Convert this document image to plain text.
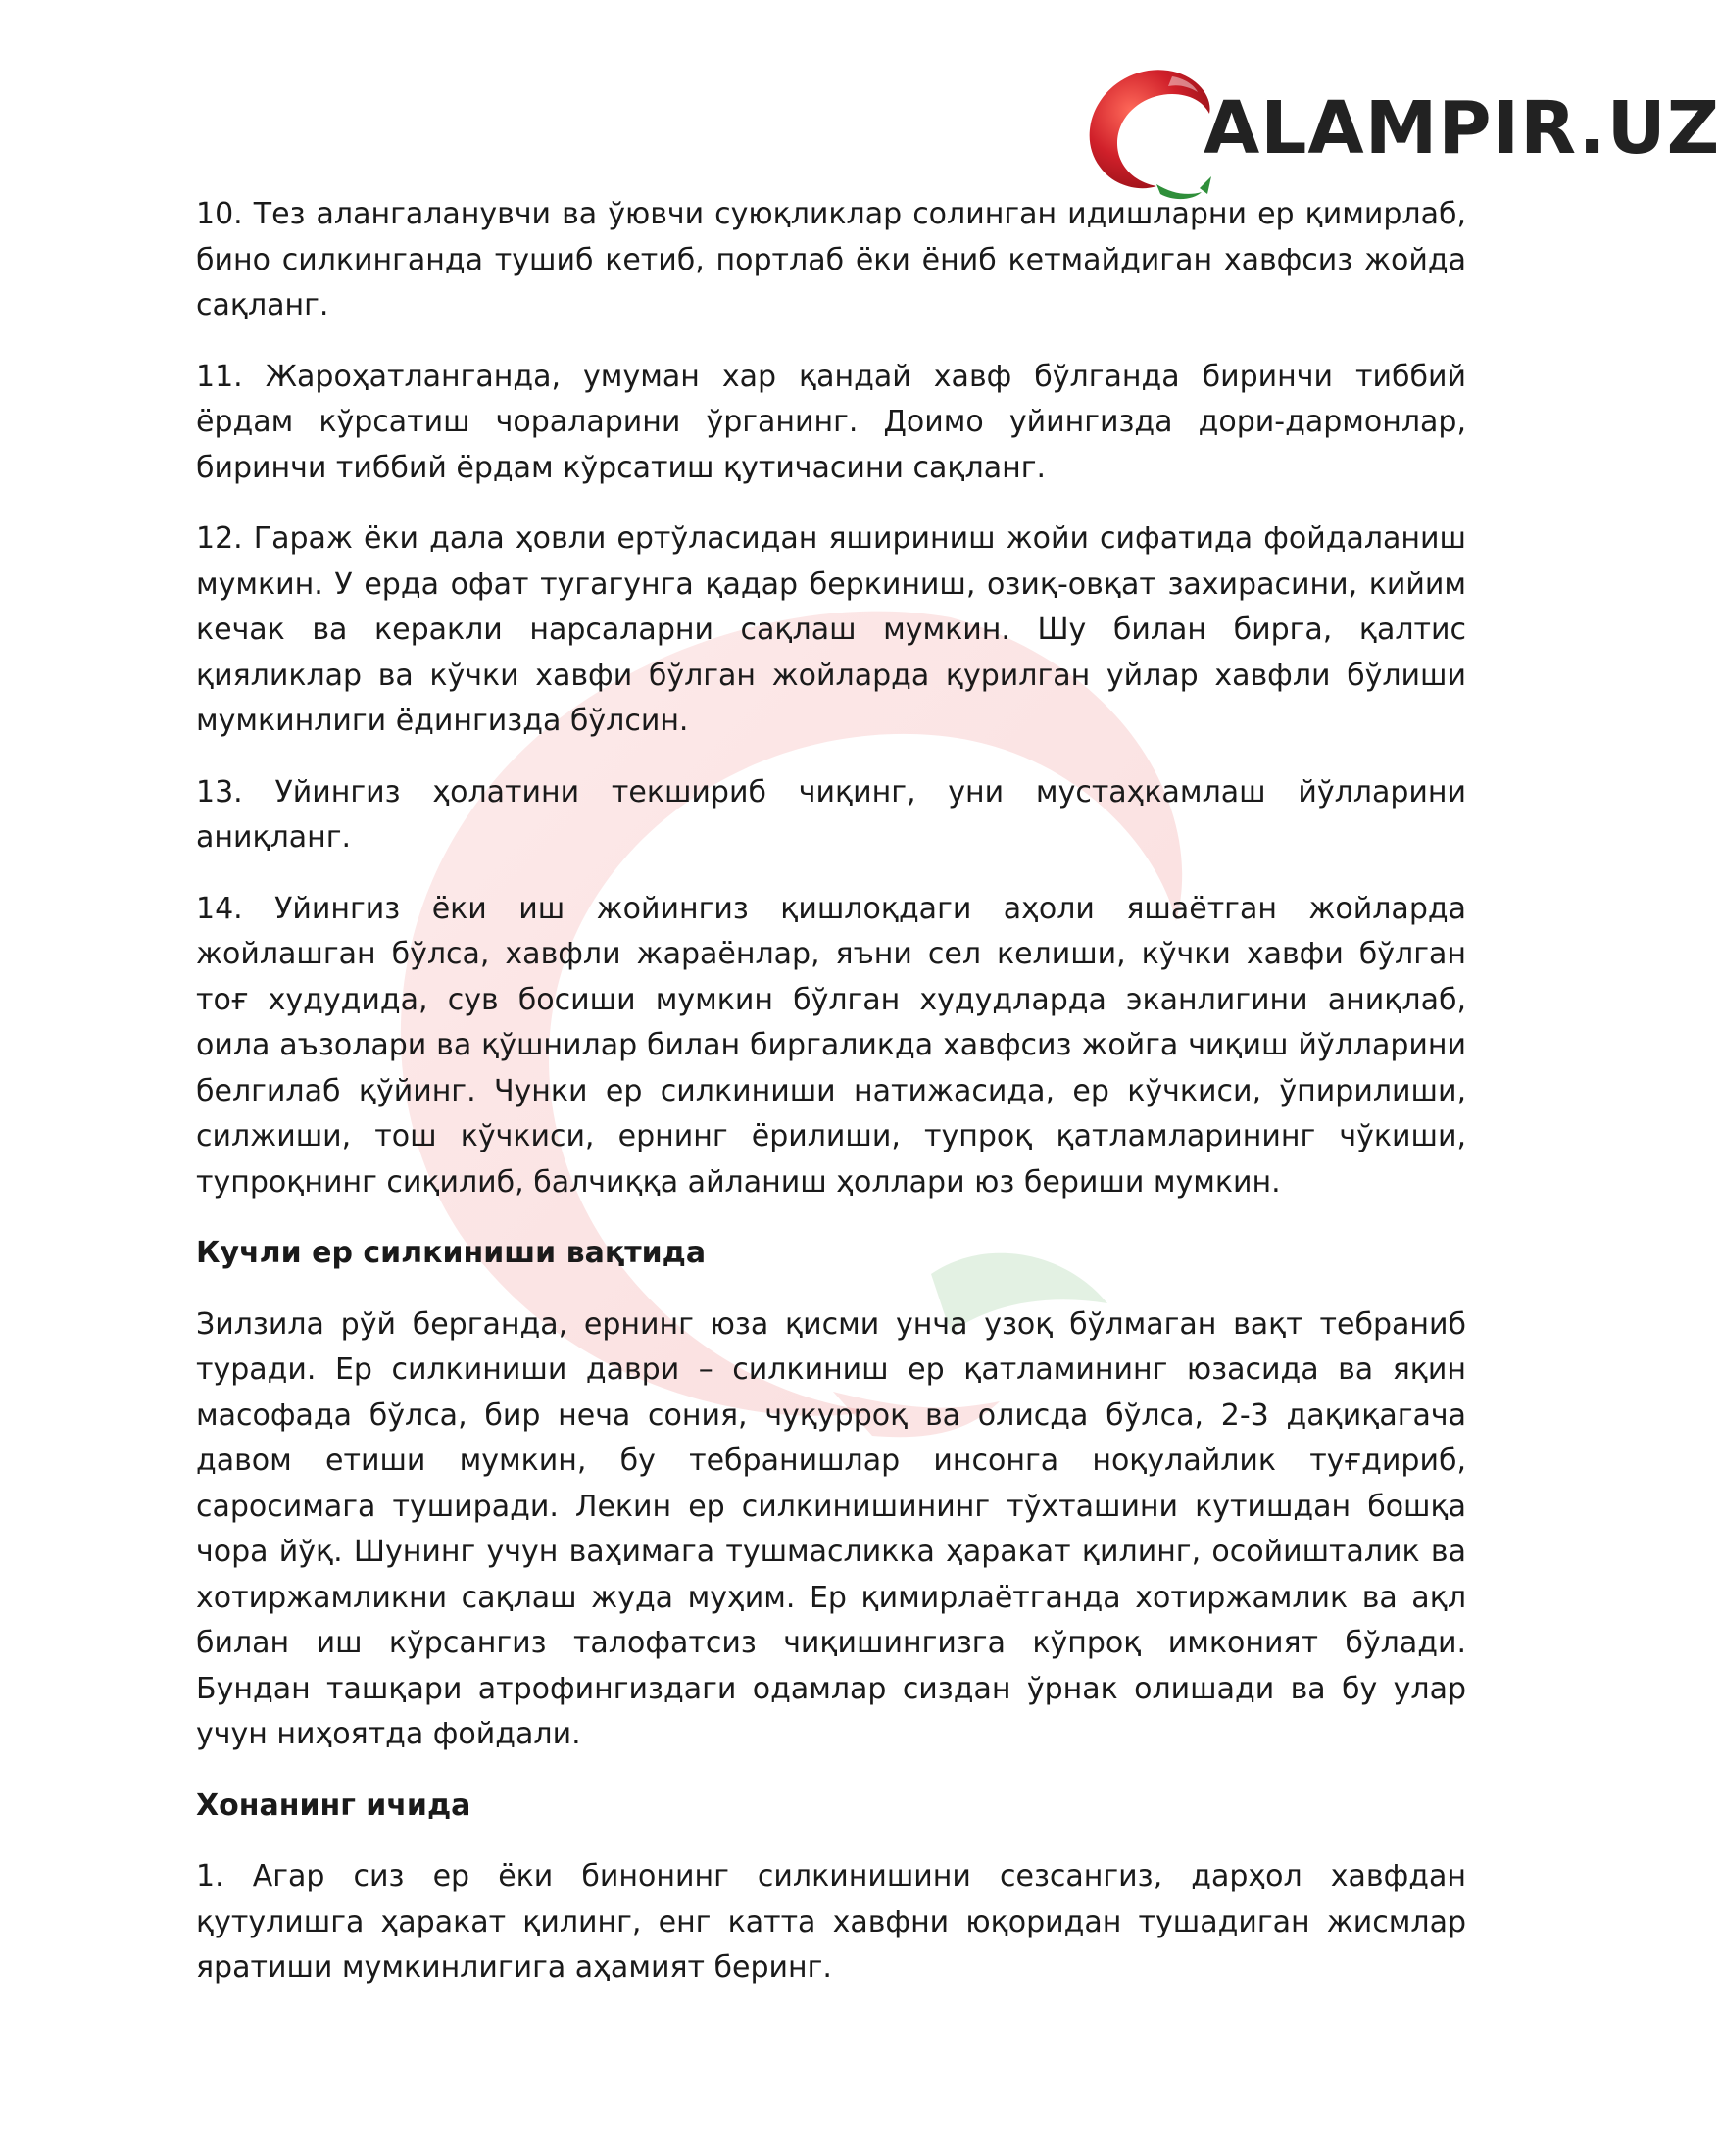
ALAMPIR.UZ

10. Тез алангаланувчи ва ўювчи суюқликлар солинган идишларни ер қимирлаб, бино силкинганда тушиб кетиб, портлаб ёки ёниб кетмайдиган хавфсиз жойда сақланг.

11. Жароҳатланганда, умуман хар қандай хавф бўлганда биринчи тиббий ёрдам кўрсатиш чораларини ўрганинг. Доимо уйингизда дори-дармонлар, биринчи тиббий ёрдам кўрсатиш қутичасини сақланг.

12. Гараж ёки дала ҳовли ертўласидан яшириниш жойи сифатида фойдаланиш мумкин. У ерда офат тугагунга қадар беркиниш, озиқ-овқат захирасини, кийим кечак ва керакли нарсаларни сақлаш мумкин. Шу билан бирга, қалтис қияликлар ва кўчки хавфи бўлган жойларда қурилган уйлар хавфли бўлиши мумкинлиги ёдингизда бўлсин.

13. Уйингиз ҳолатини текшириб чиқинг, уни мустаҳкамлаш йўлларини аниқланг.

14. Уйингиз ёки иш жойингиз қишлоқдаги аҳоли яшаётган жойларда жойлашган бўлса, хавфли жараёнлар, яъни сел келиши, кўчки хавфи бўлган тоғ худудида, сув босиши мумкин бўлган худудларда эканлигини аниқлаб, оила аъзолари ва қўшнилар билан биргаликда хавфсиз жойга чиқиш йўлларини белгилаб қўйинг. Чунки ер силкиниши натижасида, ер кўчкиси, ўпирилиши, силжиши, тош кўчкиси, ернинг ёрилиши, тупроқ қатламларининг чўкиши, тупроқнинг сиқилиб, балчиққа айланиш ҳоллари юз бериши мумкин.

Кучли ер силкиниши вақтида

Зилзила рўй берганда, ернинг юза қисми унча узоқ бўлмаган вақт тебраниб туради. Ер силкиниши даври – силкиниш ер қатламининг юзасида ва яқин масофада бўлса, бир неча сония, чуқурроқ ва олисда бўлса, 2-3 дақиқагача давом етиши мумкин, бу тебранишлар инсонга ноқулайлик туғдириб, саросимага туширади. Лекин ер силкинишининг тўхташини кутишдан бошқа чора йўқ. Шунинг учун ваҳимага тушмасликка ҳаракат қилинг, осойишталик ва хотиржамликни сақлаш жуда муҳим. Ер қимирлаётганда хотиржамлик ва ақл билан иш кўрсангиз талофатсиз чиқишингизга кўпроқ имконият бўлади. Бундан ташқари атрофингиздаги одамлар сиздан ўрнак олишади ва бу улар учун ниҳоятда фойдали.

Хонанинг ичида

1. Агар сиз ер ёки бинонинг силкинишини сезсангиз, дарҳол хавфдан қутулишга ҳаракат қилинг, енг катта хавфни юқоридан тушадиган жисмлар яратиши мумкинлигига аҳамият беринг.
